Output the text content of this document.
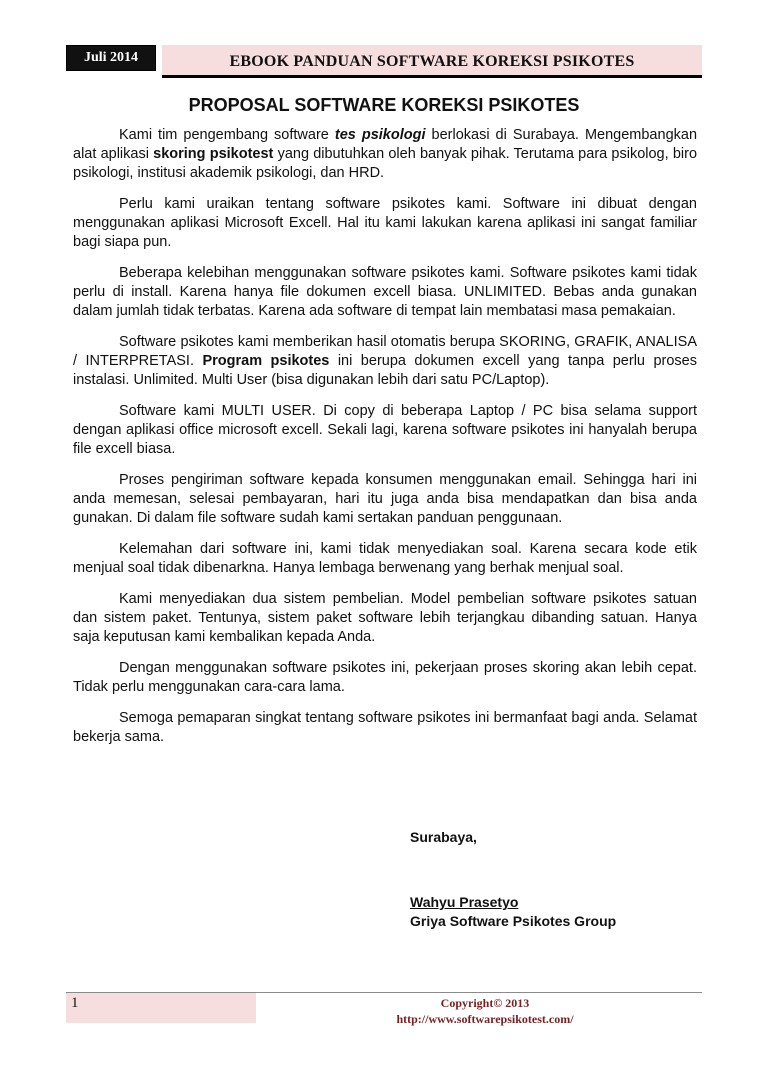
Juli 2014	EBOOK PANDUAN SOFTWARE KOREKSI PSIKOTES
PROPOSAL SOFTWARE KOREKSI PSIKOTES

Kami tim pengembang software tes psikologi berlokasi di Surabaya. Mengembangkan alat aplikasi skoring psikotest yang dibutuhkan oleh banyak pihak. Terutama para psikolog, biro psikologi, institusi akademik psikologi, dan HRD.

Perlu kami uraikan tentang software psikotes kami. Software ini dibuat dengan menggunakan aplikasi Microsoft Excell. Hal itu kami lakukan karena aplikasi ini sangat familiar bagi siapa pun.

Beberapa kelebihan menggunakan software psikotes kami. Software psikotes kami tidak perlu di install. Karena hanya file dokumen excell biasa. UNLIMITED. Bebas anda gunakan dalam jumlah tidak terbatas. Karena ada software di tempat lain membatasi masa pemakaian.

Software psikotes kami memberikan hasil otomatis berupa SKORING, GRAFIK, ANALISA / INTERPRETASI. Program psikotes ini berupa dokumen excell yang tanpa perlu proses instalasi. Unlimited. Multi User (bisa digunakan lebih dari satu PC/Laptop).

Software kami MULTI USER. Di copy di beberapa Laptop / PC bisa selama support dengan aplikasi office microsoft excell. Sekali lagi, karena software psikotes ini hanyalah berupa file excell biasa.

Proses pengiriman software kepada konsumen menggunakan email. Sehingga hari ini anda memesan, selesai pembayaran, hari itu juga anda bisa mendapatkan dan bisa anda gunakan. Di dalam file software sudah kami sertakan panduan penggunaan.

Kelemahan dari software ini, kami tidak menyediakan soal. Karena secara kode etik menjual soal tidak dibenarkna. Hanya lembaga berwenang yang berhak menjual soal.

Kami menyediakan dua sistem pembelian. Model pembelian software psikotes satuan dan sistem paket. Tentunya, sistem paket software lebih terjangkau dibanding satuan. Hanya saja keputusan kami kembalikan kepada Anda.

Dengan menggunakan software psikotes ini, pekerjaan proses skoring akan lebih cepat. Tidak perlu menggunakan cara-cara lama.

Semoga pemaparan singkat tentang software psikotes ini bermanfaat bagi anda. Selamat bekerja sama.

Surabaya,
Wahyu Prasetyo
Griya Software Psikotes Group
1	Copyright© 2013
http://www.softwarepsikotest.com/
